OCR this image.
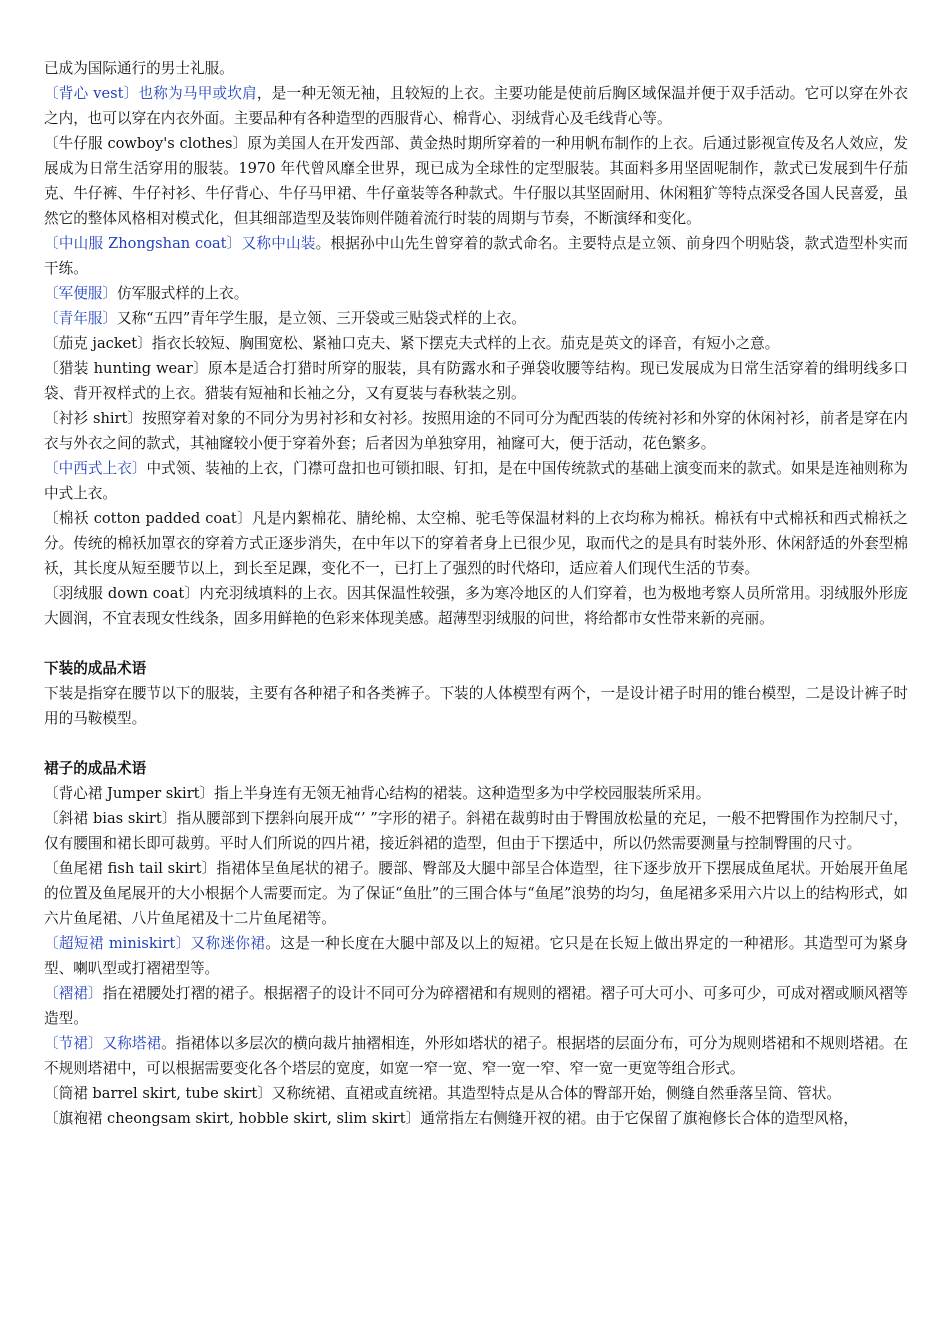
已成为国际通行的男士礼服。

〔背心 vest〕也称为马甲或坎肩，是一种无领无袖，且较短的上衣。主要功能是使前后胸区域保温并便于双手活动。它可以穿在外衣之内，也可以穿在内衣外面。主要品种有各种造型的西服背心、棉背心、羽绒背心及毛线背心等。

〔牛仔服 cowboy's clothes〕原为美国人在开发西部、黄金热时期所穿着的一种用帆布制作的上衣。后通过影视宣传及名人效应，发展成为日常生活穿用的服装。1970 年代曾风靡全世界，现已成为全球性的定型服装。其面料多用坚固呢制作，款式已发展到牛仔茄克、牛仔裤、牛仔衬衫、牛仔背心、牛仔马甲裙、牛仔童装等各种款式。牛仔服以其坚固耐用、休闲粗犷等特点深受各国人民喜爱，虽然它的整体风格相对模式化，但其细部造型及装饰则伴随着流行时装的周期与节奏，不断演绎和变化。

〔中山服 Zhongshan coat〕又称中山装。根据孙中山先生曾穿着的款式命名。主要特点是立领、前身四个明贴袋，款式造型朴实而干练。

〔军便服〕仿军服式样的上衣。

〔青年服〕又称“五四”青年学生服，是立领、三开袋或三贴袋式样的上衣。

〔茄克 jacket〕指衣长较短、胸围宽松、紧袖口克夫、紧下摆克夫式样的上衣。茄克是英文的译音，有短小之意。

〔猎装 hunting wear〕原本是适合打猎时所穿的服装，具有防露水和子弹袋收腰等结构。现已发展成为日常生活穿着的缉明线多口袋、背开衩样式的上衣。猎装有短袖和长袖之分，又有夏装与春秋装之别。

〔衬衫 shirt〕按照穿着对象的不同分为男衬衫和女衬衫。按照用途的不同可分为配西装的传统衬衫和外穿的休闲衬衫，前者是穿在内衣与外衣之间的款式，其袖窿较小便于穿着外套；后者因为单独穿用，袖窿可大，便于活动，花色繁多。

〔中西式上衣〕中式领、装袖的上衣，门襟可盘扣也可锁扣眼、钉扣，是在中国传统款式的基础上演变而来的款式。如果是连袖则称为中式上衣。

〔棉袄 cotton padded coat〕凡是内絮棉花、腈纶棉、太空棉、驼毛等保温材料的上衣均称为棉袄。棉袄有中式棉袄和西式棉袄之分。传统的棉袄加罩衣的穿着方式正逐步消失，在中年以下的穿着者身上已很少见，取而代之的是具有时装外形、休闲舒适的外套型棉袄，其长度从短至腰节以上，到长至足踝，变化不一，已打上了强烈的时代烙印，适应着人们现代生活的节奏。

〔羽绒服 down coat〕内充羽绒填料的上衣。因其保温性较强，多为寒冷地区的人们穿着，也为极地考察人员所常用。羽绒服外形庞大圆润，不宜表现女性线条，固多用鲜艳的色彩来体现美感。超薄型羽绒服的问世，将给都市女性带来新的亮丽。

下装的成品术语

下装是指穿在腰节以下的服装，主要有各种裙子和各类裤子。下装的人体模型有两个，一是设计裙子时用的锥台模型，二是设计裤子时用的马鞍模型。

裙子的成品术语

〔背心裙 Jumper skirt〕指上半身连有无领无袖背心结构的裙装。这种造型多为中学校园服装所采用。

〔斜裙 bias skirt〕指从腰部到下摆斜向展开成“’ ”字形的裙子。斜裙在裁剪时由于臀围放松量的充足，一般不把臀围作为控制尺寸，仅有腰围和裙长即可裁剪。平时人们所说的四片裙，接近斜裙的造型，但由于下摆适中，所以仍然需要测量与控制臀围的尺寸。

〔鱼尾裙 fish tail skirt〕指裙体呈鱼尾状的裙子。腰部、臀部及大腿中部呈合体造型，往下逐步放开下摆展成鱼尾状。开始展开鱼尾的位置及鱼尾展开的大小根据个人需要而定。为了保证“鱼肚”的三围合体与“鱼尾”浪势的均匀，鱼尾裙多采用六片以上的结构形式，如六片鱼尾裙、八片鱼尾裙及十二片鱼尾裙等。

〔超短裙 miniskirt〕又称迷你裙。这是一种长度在大腿中部及以上的短裙。它只是在长短上做出界定的一种裙形。其造型可为紧身型、喇叭型或打褶裙型等。

〔褶裙〕指在裙腰处打褶的裙子。根据褶子的设计不同可分为碎褶裙和有规则的褶裙。褶子可大可小、可多可少，可成对褶或顺风褶等造型。

〔节裙〕又称塔裙。指裙体以多层次的横向裁片抽褶相连，外形如塔状的裙子。根据塔的层面分布，可分为规则塔裙和不规则塔裙。在不规则塔裙中，可以根据需要变化各个塔层的宽度，如宽一窄一宽、窄一宽一窄、窄一宽一更宽等组合形式。

〔筒裙 barrel skirt, tube skirt〕又称统裙、直裙或直统裙。其造型特点是从合体的臀部开始，侧缝自然垂落呈筒、管状。

〔旗袍裙 cheongsam skirt, hobble skirt, slim skirt〕通常指左右侧缝开衩的裙。由于它保留了旗袍修长合体的造型风格，
